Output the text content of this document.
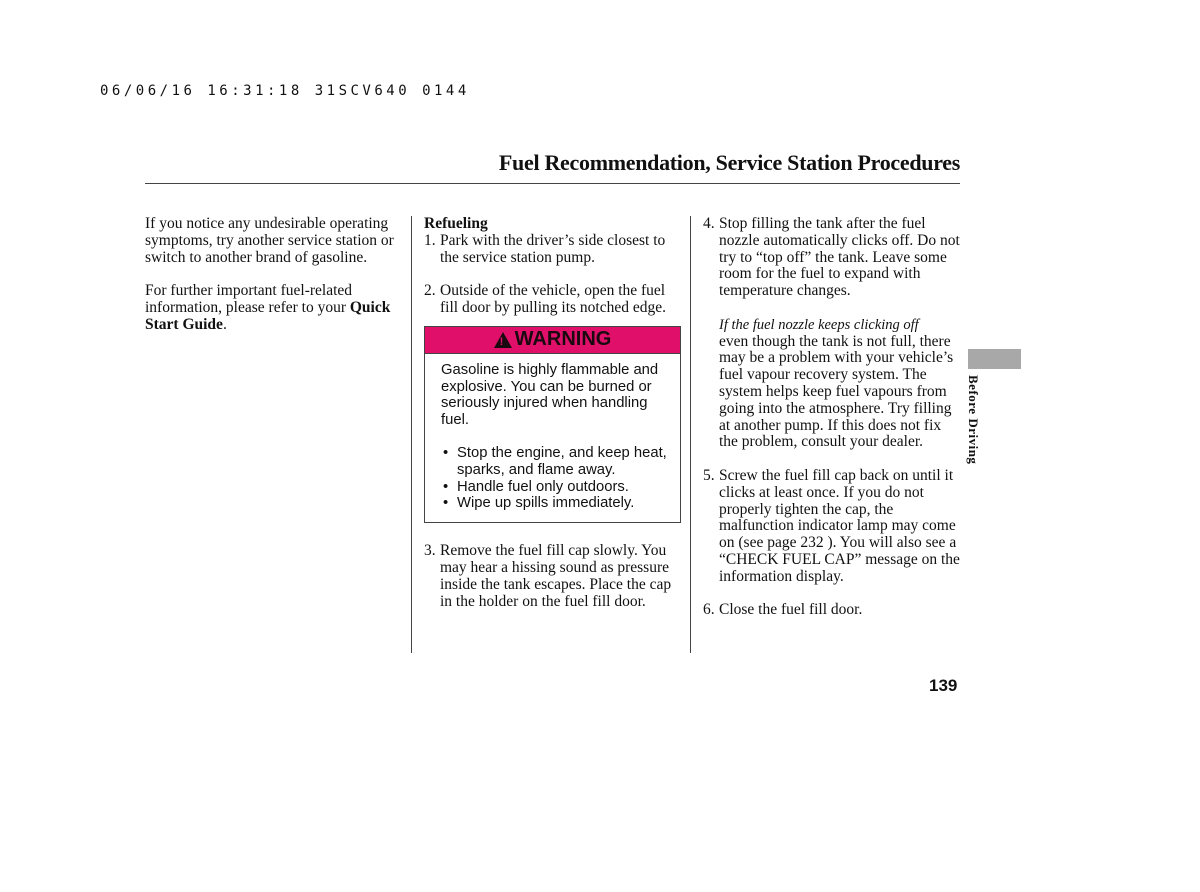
06/06/16 16:31:18 31SCV640 0144
Fuel Recommendation, Service Station Procedures

If you notice any undesirable operating symptoms, try another service station or switch to another brand of gasoline.

For further important fuel-related information, please refer to your Quick Start Guide.

Refueling

1. Park with the driver’s side closest to the service station pump.
2. Outside of the vehicle, open the fuel fill door by pulling its notched edge.
!
WARNING
Gasoline is highly flammable and explosive. You can be burned or seriously injured when handling fuel.
• Stop the engine, and keep heat, sparks, and flame away.
• Handle fuel only outdoors.
• Wipe up spills immediately.
3. Remove the fuel fill cap slowly. You may hear a hissing sound as pressure inside the tank escapes. Place the cap in the holder on the fuel fill door.
4. Stop filling the tank after the fuel nozzle automatically clicks off. Do not try to “top off” the tank. Leave some room for the fuel to expand with temperature changes.

If the fuel nozzle keeps clicking off

even though the tank is not full, there may be a problem with your vehicle’s fuel vapour recovery system. The system helps keep fuel vapours from going into the atmosphere. Try filling at another pump. If this does not fix the problem, consult your dealer.

5. Screw the fuel fill cap back on until it clicks at least once. If you do not properly tighten the cap, the malfunction indicator lamp may come on (see page 232 ). You will also see a “CHECK FUEL CAP” message on the information display.
6. Close the fuel fill door.
Before Driving
139
